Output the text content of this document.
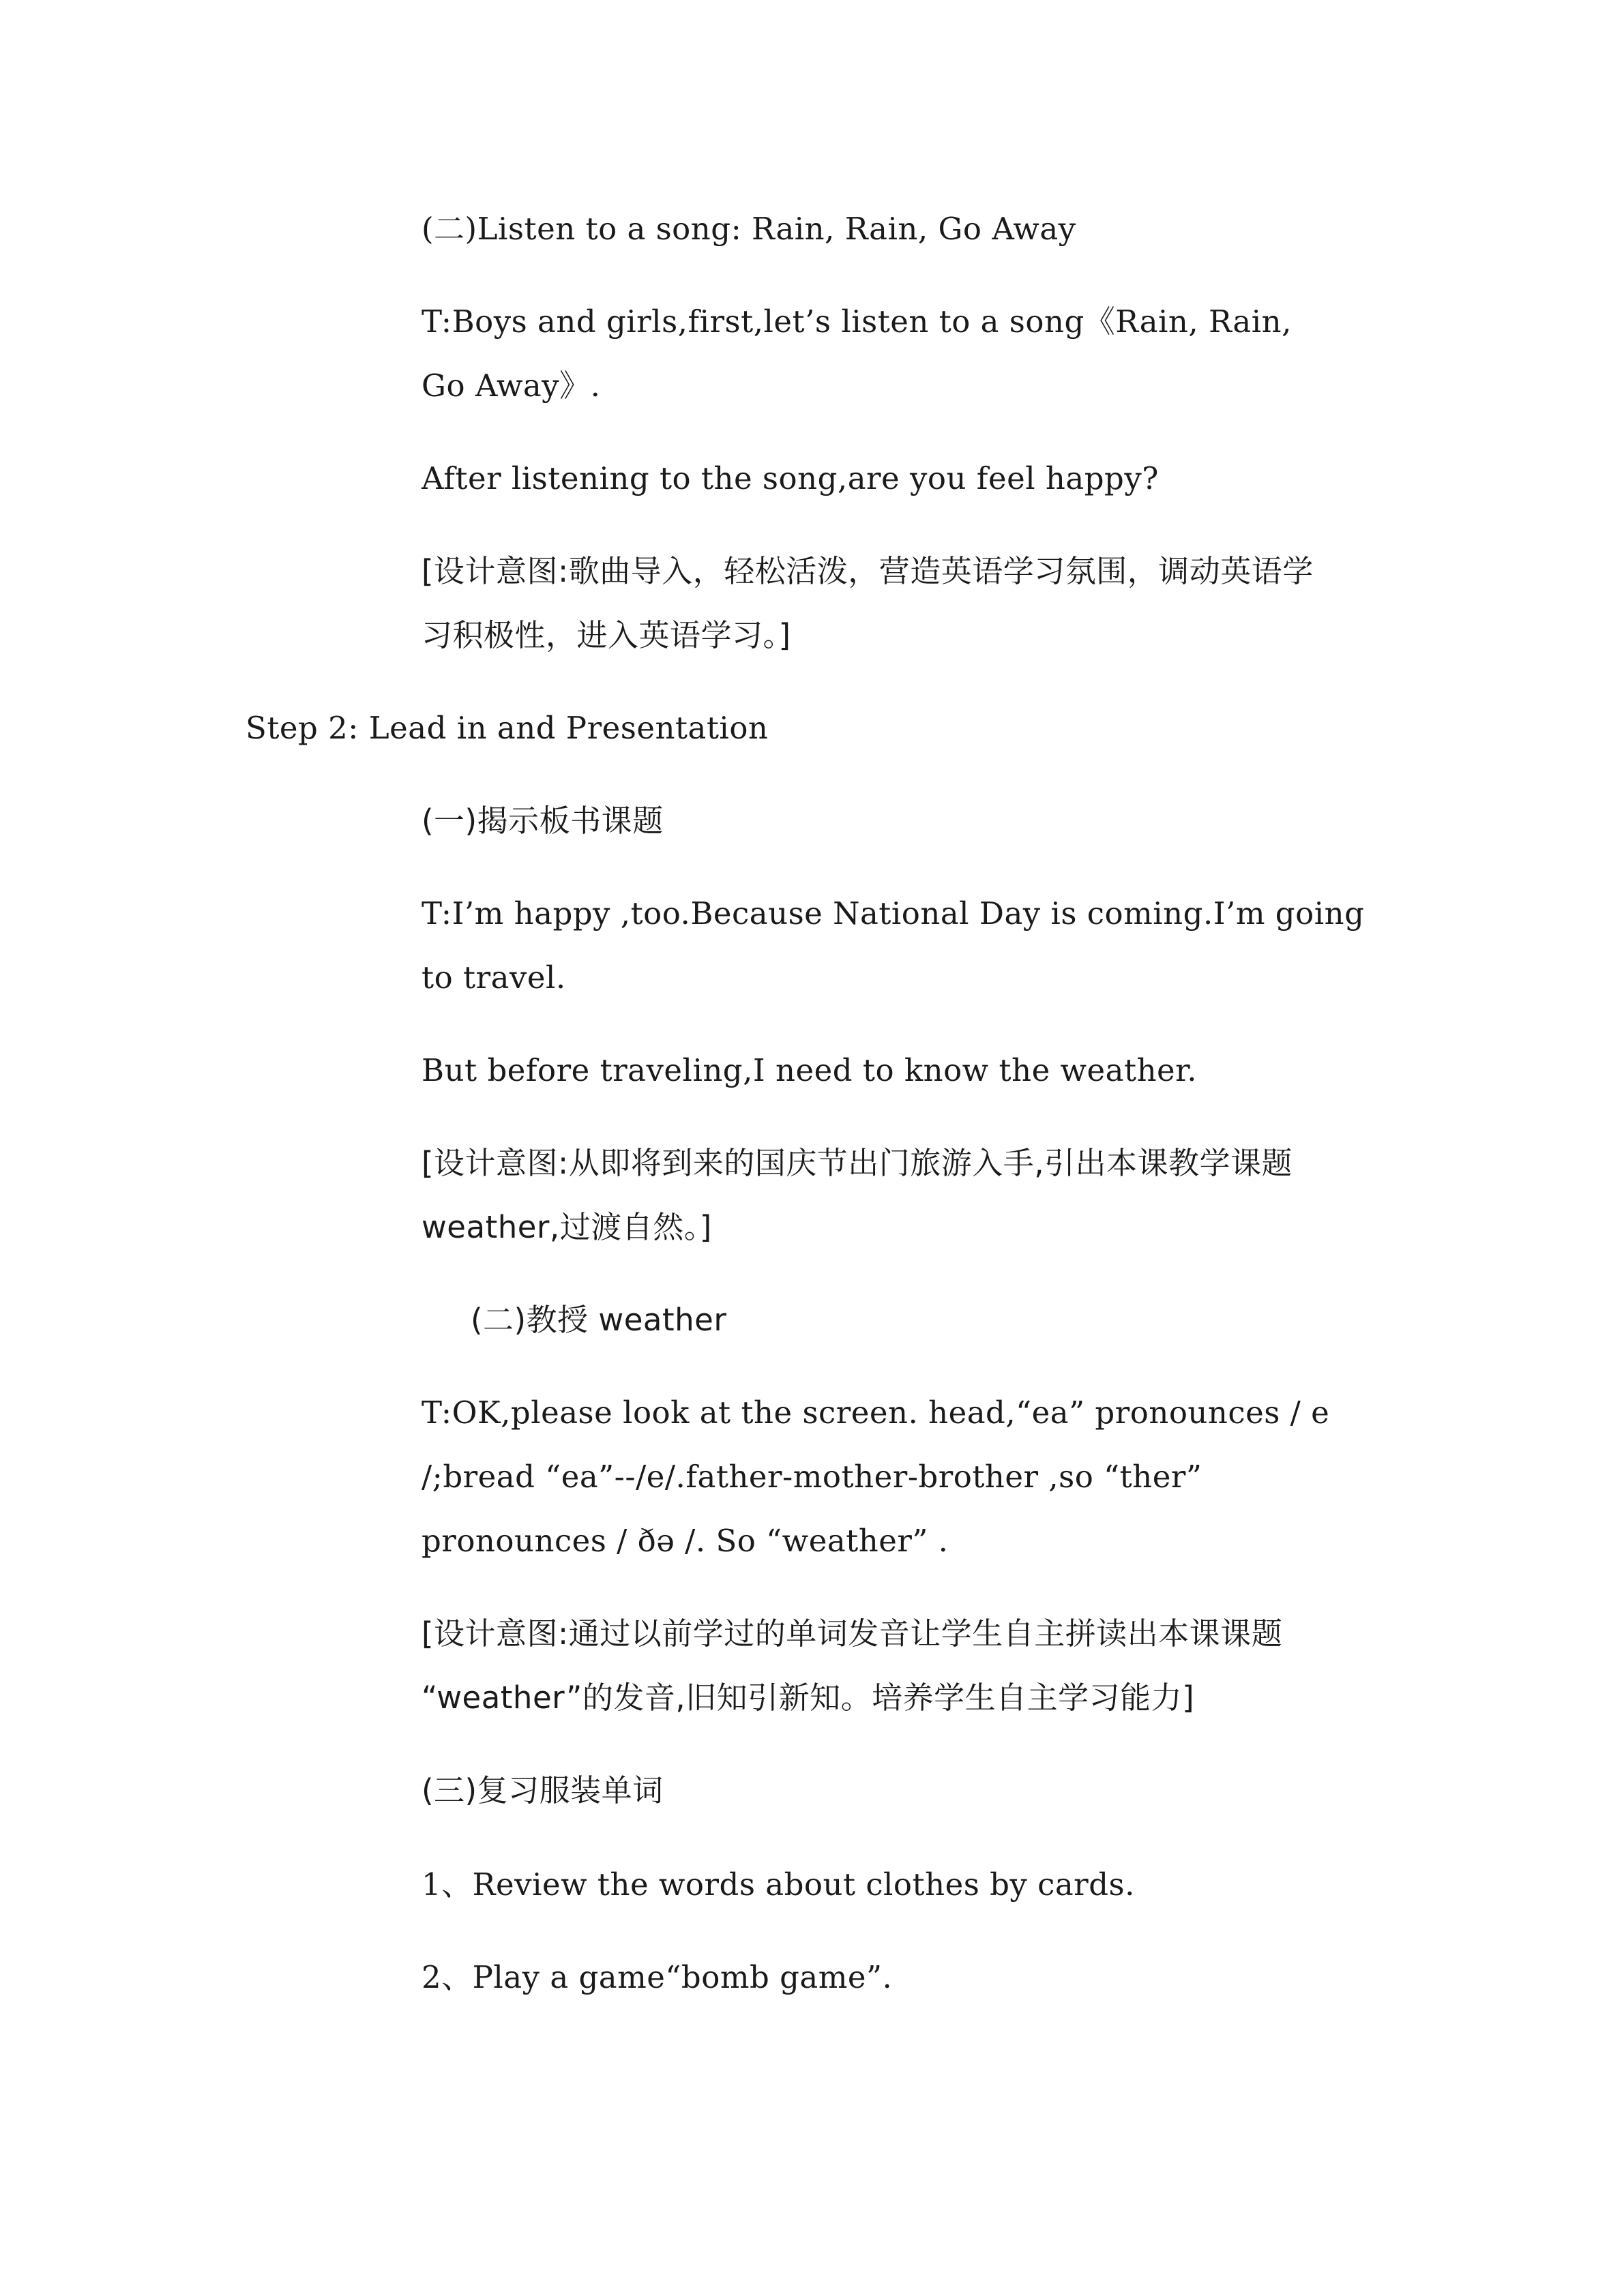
(二)Listen to a song: Rain, Rain, Go Away
T:Boys and girls,first,let’s listen to a song《Rain, Rain,
Go Away》.
After listening to the song,are you feel happy?
[设计意图:歌曲导入，轻松活泼，营造英语学习氛围，调动英语学
习积极性，进入英语学习。]
Step 2: Lead in and Presentation
(一)揭示板书课题
T:I’m happy ,too.Because National Day is coming.I’m going
to travel.
But before traveling,I need to know the weather.
[设计意图:从即将到来的国庆节出门旅游入手,引出本课教学课题
weather,过渡自然。]
(二)教授 weather
T:OK,please look at the screen. head,“ea” pronounces / e
/;bread “ea”--/e/.father-mother-brother ,so “ther”
pronounces / ðə /. So “weather” .
[设计意图:通过以前学过的单词发音让学生自主拼读出本课课题
“weather”的发音,旧知引新知。培养学生自主学习能力]
(三)复习服装单词
1、Review the words about clothes by cards.
2、Play a game“bomb game”.
